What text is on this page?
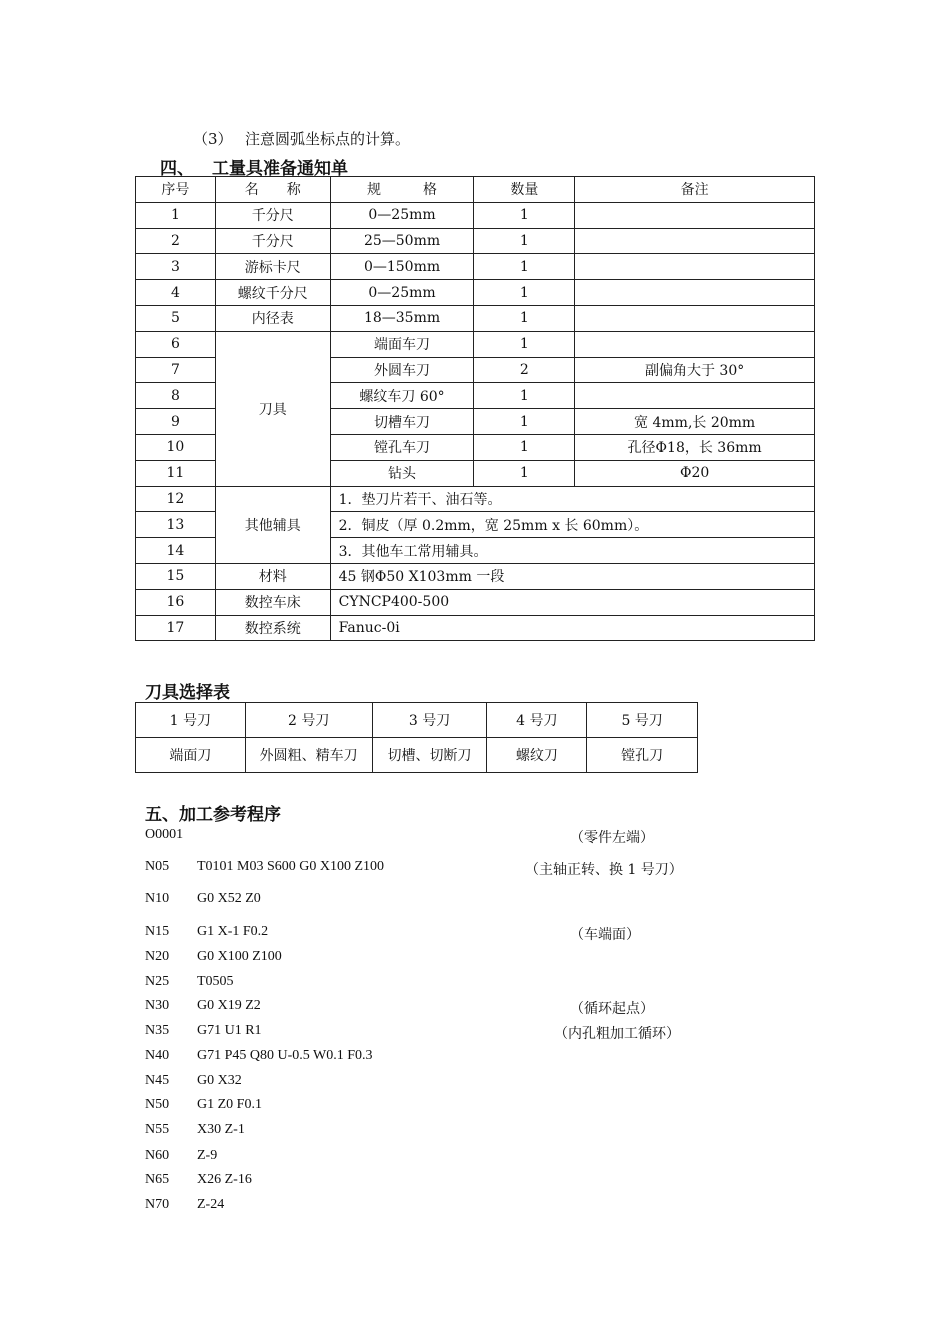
（3） 注意圆弧坐标点的计算。
四、 工量具准备通知单
序号	名　　称	规　　　格	数量	备注
1	千分尺	0—25mm	1	
2	千分尺	25—50mm	1	
3	游标卡尺	0—150mm	1	
4	螺纹千分尺	0—25mm	1	
5	内径表	18—35mm	1	
6	刀具	端面车刀	1	
7		外圆车刀	2	副偏角大于 30°
8		螺纹车刀 60°	1	
9		切槽车刀	1	宽 4mm,长 20mm
10		镗孔车刀	1	孔径Φ18，长 36mm
11		钻头	1	Φ20
12	其他辅具	1．垫刀片若干、油石等。		
13		2．铜皮（厚 0.2mm，宽 25mm x 长 60mm）。		
14		3．其他车工常用辅具。		
15	材料	45 钢Φ50 X103mm 一段		
16	数控车床	CYNCP400-500		
17	数控系统	Fanuc-0i		
刀具选择表
1 号刀	2 号刀	3 号刀	4 号刀	5 号刀
端面刀	外圆粗、精车刀	切槽、切断刀	螺纹刀	镗孔刀
五、加工参考程序
O0001	（零件左端）
N05 T0101 M03 S600 G0 X100 Z100	（主轴正转、换 1 号刀）
N10 G0 X52 Z0
N15 G1 X-1 F0.2	（车端面）
N20 G0 X100 Z100
N25 T0505
N30 G0 X19 Z2	（循环起点）
N35 G71 U1 R1	（内孔粗加工循环）
N40 G71 P45 Q80 U-0.5 W0.1 F0.3
N45 G0 X32
N50 G1 Z0 F0.1
N55 X30 Z-1
N60 Z-9
N65 X26 Z-16
N70 Z-24
